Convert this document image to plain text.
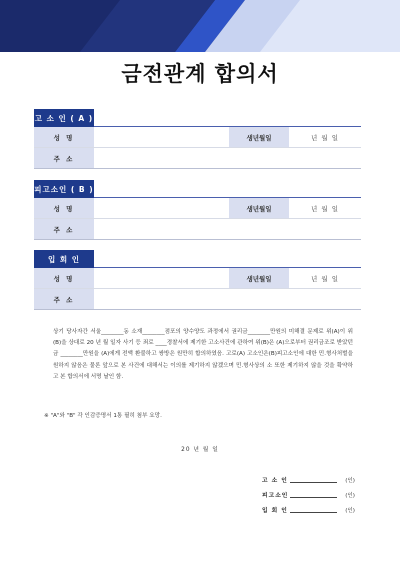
금전관계 합의서
고 소 인 ( A )
성 명	생년월일	년 월 일
주 소
피고소인 ( B )
성 명	생년월일	년 월 일
주 소
입 회 인
성 명	생년월일	년 월 일
주 소
상기 당사자간 서울________동 소재________점포의 양수양도 과정에서 권리금________만원의 미해결 문제로 위(A)이 위(B)을 상대로 20 년 월 일자 사기 등 죄로 ____경찰서에 제기한 고소사건에 관하여 위(B)은 (A)으로부터 권리금조로 받았던 금 ________만원을 (A)에게 전액 환불하고 쌍방은 원만히 합의하였음. 고로(A) 고소인은(B)피고소인에 대한 민.형사처벌을 원하지 않음은 물론 앞으로 본 사건에 대해서는 이의를 제기하지 않겠으며 민.형사상의 소 또한 제기하지 않을 것을 확약하고 본 합의서에 서명 날인 함.
※ "A"와 "B" 각 인감증명서 1통 필히 첨부 요망.
20 년 월 일
고 소 인	(인)
피고소인	(인)
입 회 인	(인)
